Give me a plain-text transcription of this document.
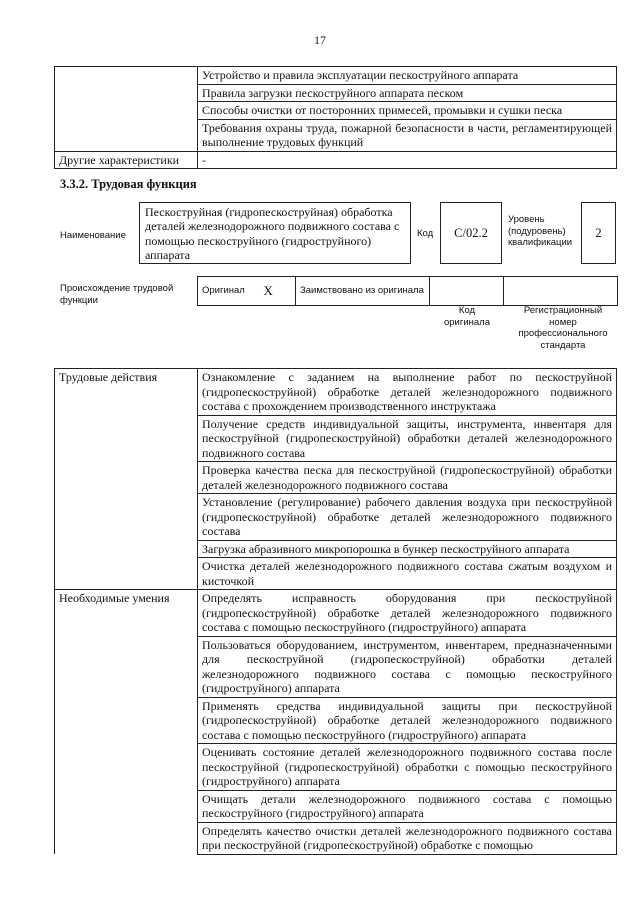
17
	Устройство и правила эксплуатации пескоструйного аппарата
	Правила загрузки пескоструйного аппарата песком
	Способы очистки от посторонних примесей, промывки и сушки песка
	Требования охраны труда, пожарной безопасности в части, регламентирующей выполнение трудовых функций
Другие характеристики	-
3.3.2. Трудовая функция
Наименование
Пескоструйная (гидропескоструйная) обработка деталей железнодорожного подвижного состава с помощью пескоструйного (гидроструйного) аппарата
Код	C/02.2
Уровень (подуровень) квалификации
2
Происхождение трудовой функции
Оригинал	X	Заимствовано из оригинала		
Код оригинала
Регистрационный номер профессионального стандарта
Трудовые действия	Ознакомление с заданием на выполнение работ по пескоструйной (гидропескоструйной) обработке деталей железнодорожного подвижного состава с прохождением производственного инструктажа
	Получение средств индивидуальной защиты, инструмента, инвентаря для пескоструйной (гидропескоструйной) обработки деталей железнодорожного подвижного состава
	Проверка качества песка для пескоструйной (гидропескоструйной) обработки деталей железнодорожного подвижного состава
	Установление (регулирование) рабочего давления воздуха при пескоструйной (гидропескоструйной) обработке деталей железнодорожного подвижного состава
	Загрузка абразивного микропорошка в бункер пескоструйного аппарата
	Очистка деталей железнодорожного подвижного состава сжатым воздухом и кисточкой
Необходимые умения	Определять исправность оборудования при пескоструйной (гидропескоструйной) обработке деталей железнодорожного подвижного состава с помощью пескоструйного (гидроструйного) аппарата
	Пользоваться оборудованием, инструментом, инвентарем, предназначенными для пескоструйной (гидропескоструйной) обработки деталей железнодорожного подвижного состава с помощью пескоструйного (гидроструйного) аппарата
	Применять средства индивидуальной защиты при пескоструйной (гидропескоструйной) обработке деталей железнодорожного подвижного состава с помощью пескоструйного (гидроструйного) аппарата
	Оценивать состояние деталей железнодорожного подвижного состава после пескоструйной (гидропескоструйной) обработки с помощью пескоструйного (гидроструйного) аппарата
	Очищать детали железнодорожного подвижного состава с помощью пескоструйного (гидроструйного) аппарата
	Определять качество очистки деталей железнодорожного подвижного состава при пескоструйной (гидропескоструйной) обработке с помощью
